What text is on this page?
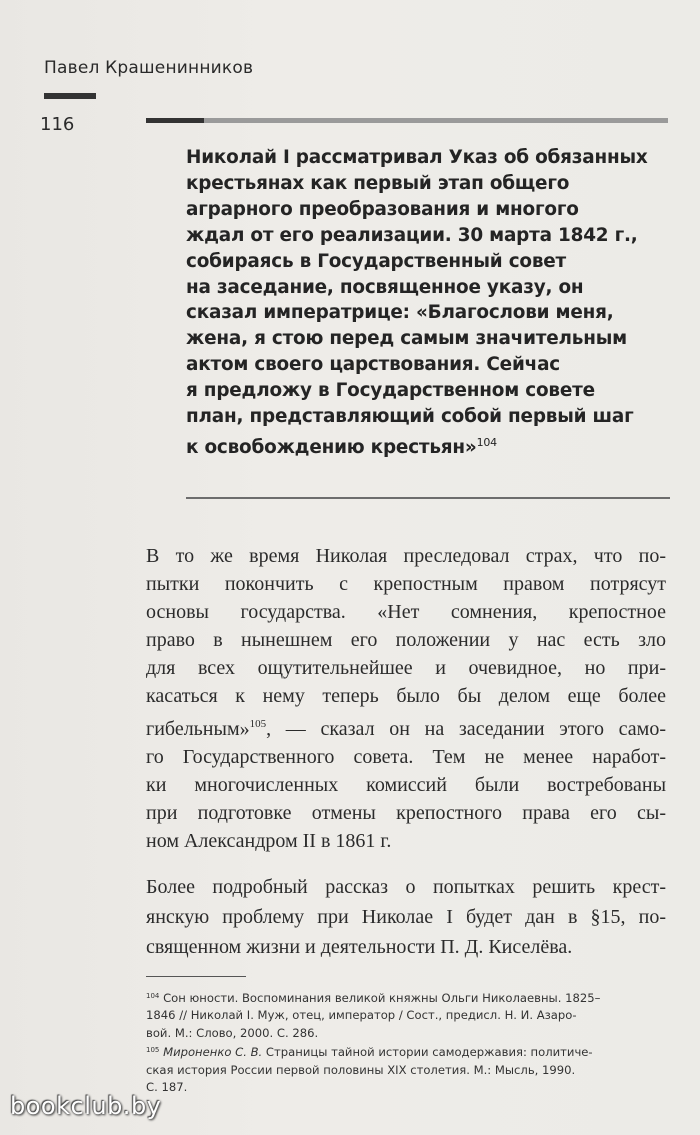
Павел Крашенинников
116
Николай I рассматривал Указ об обязанных
крестьянах как первый этап общего
аграрного преобразования и многого
ждал от его реализации. 30 марта 1842 г.,
собираясь в Государственный совет
на заседание, посвященное указу, он
сказал императрице: «Благослови меня,
жена, я стою перед самым значительным
актом своего царствования. Сейчас
я предложу в Государственном совете
план, представляющий собой первый шаг
к освобождению крестьян»$^{104}$
В то же время Николая преследовал страх, что по-
пытки покончить с крепостным правом потрясут
основы государства. «Нет сомнения, крепостное
право в нынешнем его положении у нас есть зло
для всех ощутительнейшее и очевидное, но при-
касаться к нему теперь было бы делом еще более
гибельным»$^{105}$, — сказал он на заседании этого само-
го Государственного совета. Тем не менее наработ-
ки многочисленных комиссий были востребованы
при подготовке отмены крепостного права его сы-
ном Александром II в 1861 г.
Более подробный рассказ о попытках решить крест-
янскую проблему при Николае I будет дан в §15, по-
священном жизни и деятельности П. Д. Киселёва.
$^{104}$ Сон юности. Воспоминания великой княжны Ольги Николаевны. 1825–
1846 // Николай I. Муж, отец, император / Сост., предисл. Н. И. Азаро-
вой. М.: Слово, 2000. С. 286.
$^{105}$ Мироненко С. В. Страницы тайной истории самодержавия: политиче-
ская история России первой половины XIX столетия. М.: Мысль, 1990.
С. 187.
bookclub.by
